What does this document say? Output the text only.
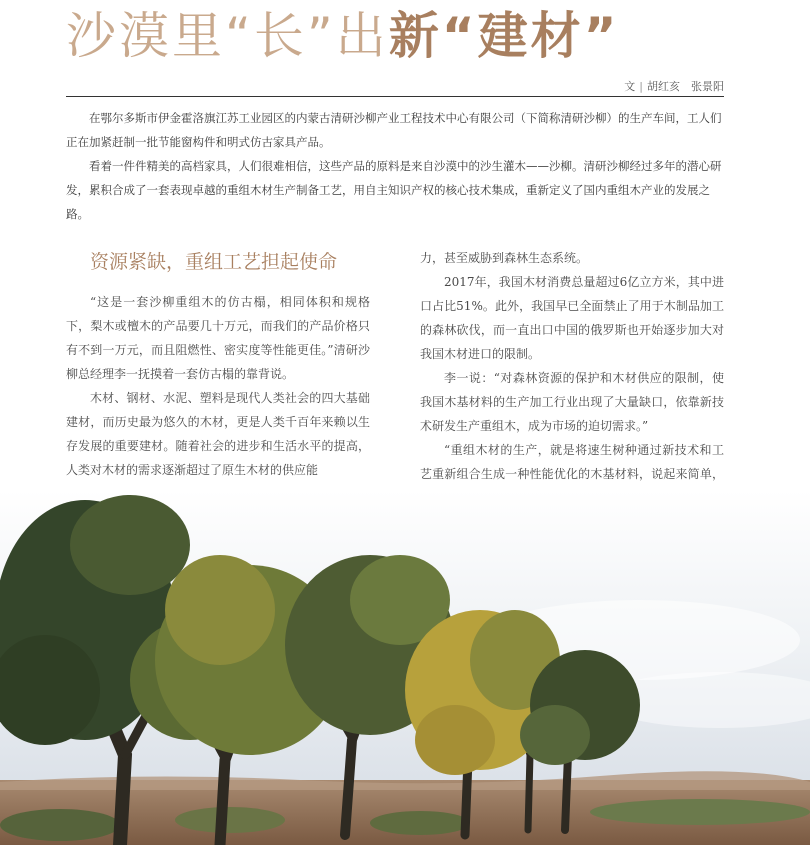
沙漠里“长”出新“建材”
文 | 胡红亥　张景阳

在鄂尔多斯市伊金霍洛旗江苏工业园区的内蒙古清研沙柳产业工程技术中心有限公司（下简称清研沙柳）的生产车间，工人们正在加紧赶制一批节能窗构件和明式仿古家具产品。

看着一件件精美的高档家具，人们很难相信，这些产品的原料是来自沙漠中的沙生灌木——沙柳。清研沙柳经过多年的潜心研发，累积合成了一套表现卓越的重组木材生产制备工艺，用自主知识产权的核心技术集成，重新定义了国内重组木产业的发展之路。

资源紧缺，重组工艺担起使命

“这是一套沙柳重组木的仿古榻，相同体积和规格下，梨木或檀木的产品要几十万元，而我们的产品价格只有不到一万元，而且阻燃性、密实度等性能更佳。”清研沙柳总经理李一抚摸着一套仿古榻的靠背说。

木材、钢材、水泥、塑料是现代人类社会的四大基础建材，而历史最为悠久的木材，更是人类千百年来赖以生存发展的重要建材。随着社会的进步和生活水平的提高，人类对木材的需求逐渐超过了原生木材的供应能

力，甚至威胁到森林生态系统。

2017年，我国木材消费总量超过6亿立方米，其中进口占比51%。此外，我国早已全面禁止了用于木制品加工的森林砍伐，而一直出口中国的俄罗斯也开始逐步加大对我国木材进口的限制。

李一说：“对森林资源的保护和木材供应的限制，使我国木基材料的生产加工行业出现了大量缺口，依靠新技术研发生产重组木，成为市场的迫切需求。”

“重组木材的生产，就是将速生树种通过新技术和工艺重新组合生成一种性能优化的木基材料，说起来简单，
